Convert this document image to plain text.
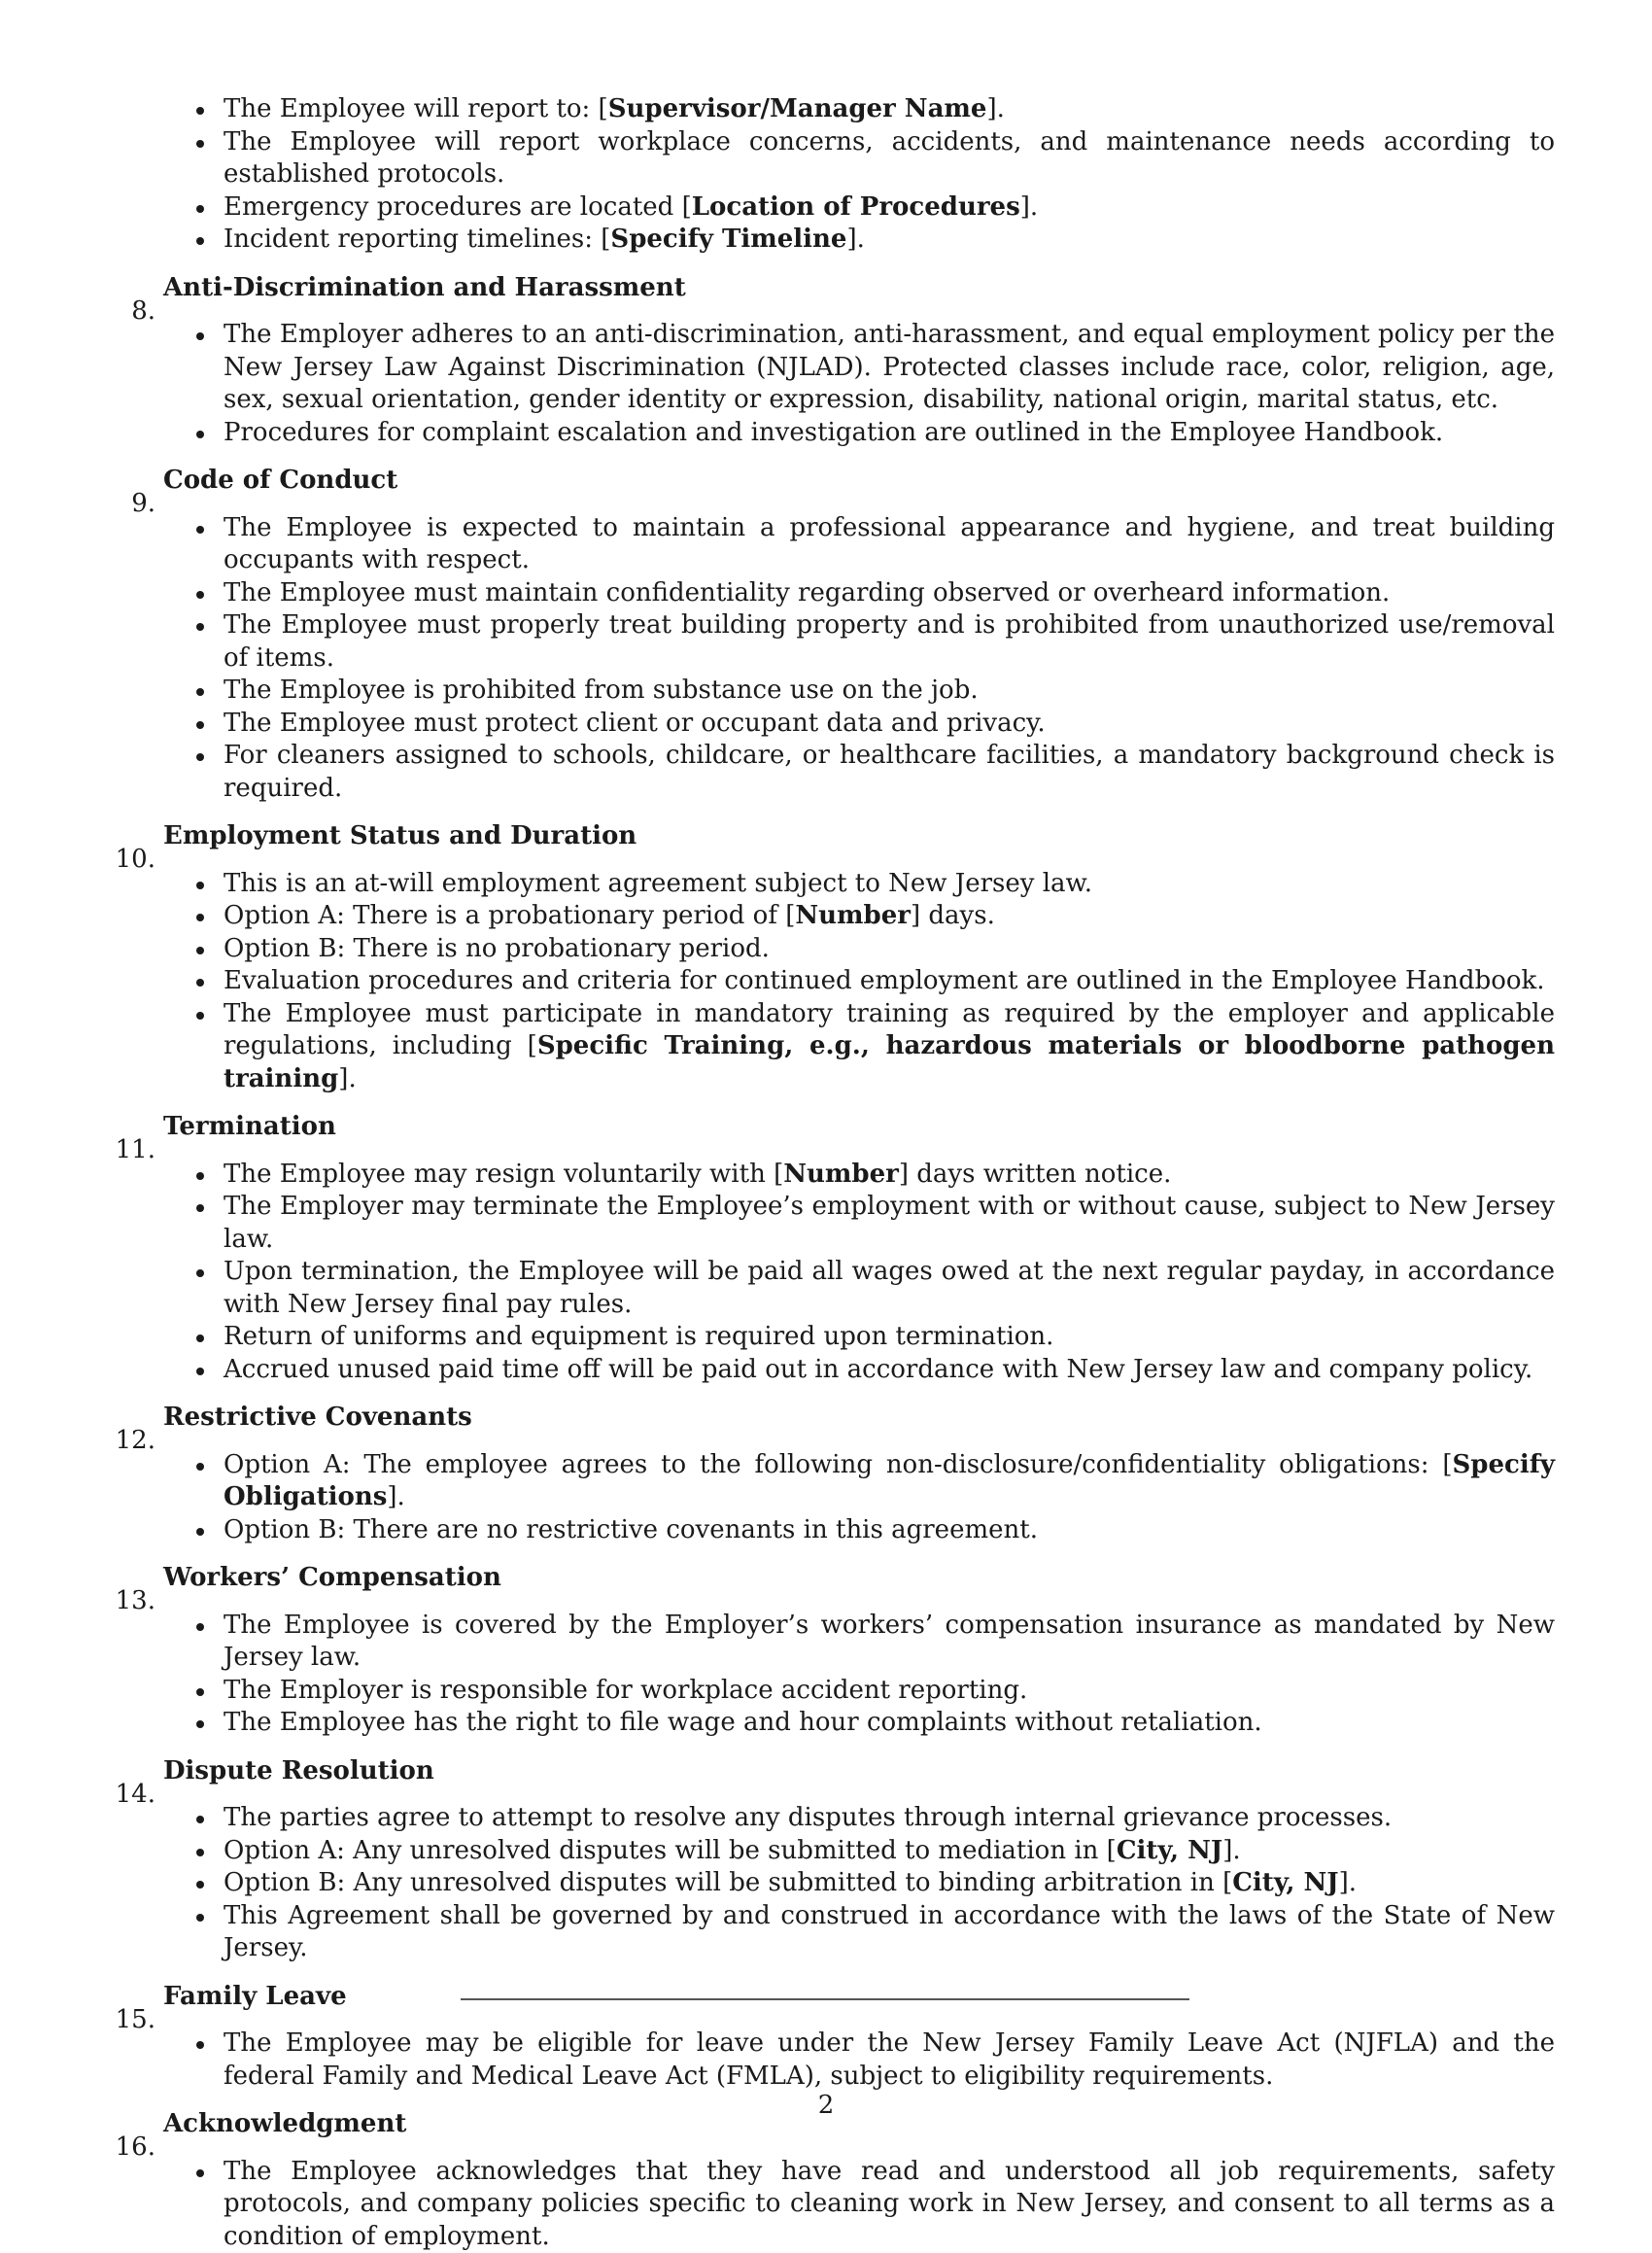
The Employee will report to: [Supervisor/Manager Name].
The Employee will report workplace concerns, accidents, and maintenance needs according to established protocols.
Emergency procedures are located [Location of Procedures].
Incident reporting timelines: [Specify Timeline].
8.
Anti-Discrimination and Harassment
The Employer adheres to an anti-discrimination, anti-harassment, and equal employment policy per the New Jersey Law Against Discrimination (NJLAD). Protected classes include race, color, religion, age, sex, sexual orientation, gender identity or expression, disability, national origin, marital status, etc.
Procedures for complaint escalation and investigation are outlined in the Employee Handbook.
9.
Code of Conduct
The Employee is expected to maintain a professional appearance and hygiene, and treat building occupants with respect.
The Employee must maintain confidentiality regarding observed or overheard information.
The Employee must properly treat building property and is prohibited from unauthorized use/removal of items.
The Employee is prohibited from substance use on the job.
The Employee must protect client or occupant data and privacy.
For cleaners assigned to schools, childcare, or healthcare facilities, a mandatory background check is required.
10.
Employment Status and Duration
This is an at-will employment agreement subject to New Jersey law.
Option A: There is a probationary period of [Number] days.
Option B: There is no probationary period.
Evaluation procedures and criteria for continued employment are outlined in the Employee Handbook.
The Employee must participate in mandatory training as required by the employer and applicable regulations, including [Specific Training, e.g., hazardous materials or bloodborne pathogen training].
11.
Termination
The Employee may resign voluntarily with [Number] days written notice.
The Employer may terminate the Employee’s employment with or without cause, subject to New Jersey law.
Upon termination, the Employee will be paid all wages owed at the next regular payday, in accordance with New Jersey final pay rules.
Return of uniforms and equipment is required upon termination.
Accrued unused paid time off will be paid out in accordance with New Jersey law and company policy.
12.
Restrictive Covenants
Option A: The employee agrees to the following non-disclosure/confidentiality obligations: [Specify Obligations].
Option B: There are no restrictive covenants in this agreement.
13.
Workers’ Compensation
The Employee is covered by the Employer’s workers’ compensation insurance as mandated by New Jersey law.
The Employer is responsible for workplace accident reporting.
The Employee has the right to file wage and hour complaints without retaliation.
14.
Dispute Resolution
The parties agree to attempt to resolve any disputes through internal grievance processes.
Option A: Any unresolved disputes will be submitted to mediation in [City, NJ].
Option B: Any unresolved disputes will be submitted to binding arbitration in [City, NJ].
This Agreement shall be governed by and construed in accordance with the laws of the State of New Jersey.
15.
Family Leave
The Employee may be eligible for leave under the New Jersey Family Leave Act (NJFLA) and the federal Family and Medical Leave Act (FMLA), subject to eligibility requirements.
16.
Acknowledgment
The Employee acknowledges that they have read and understood all job requirements, safety protocols, and company policies specific to cleaning work in New Jersey, and consent to all terms as a condition of employment.
2
